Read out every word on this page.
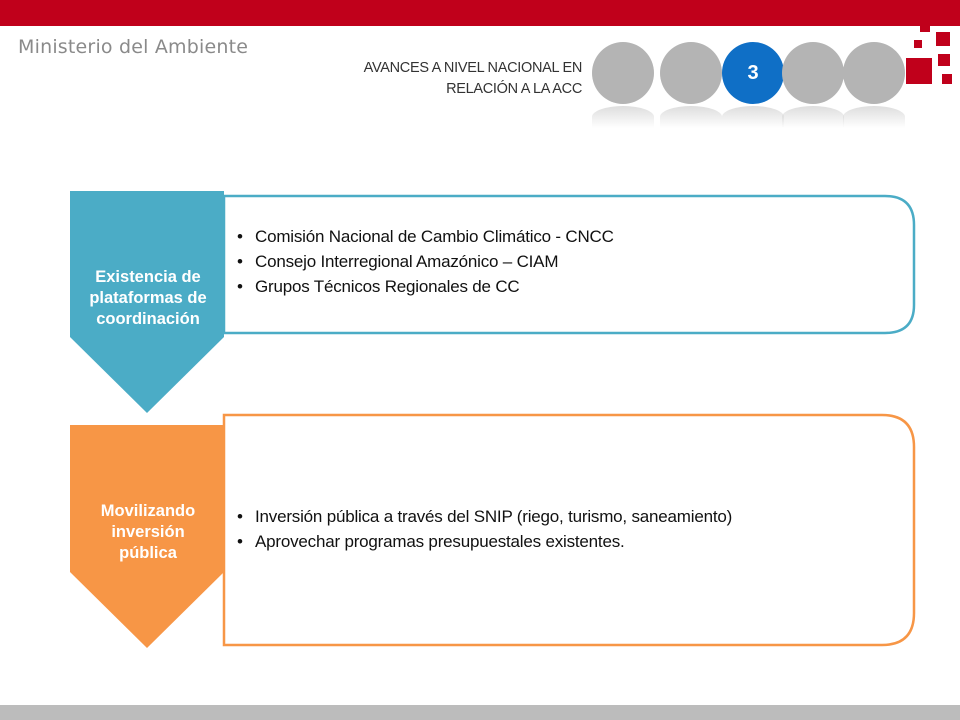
Ministerio del Ambiente
AVANCES A NIVEL NACIONAL EN
RELACIÓN A LA ACC
3
Existencia de
plataformas de
coordinación
• Comisión Nacional de Cambio Climático - CNCC
• Consejo Interregional Amazónico – CIAM
• Grupos Técnicos Regionales de CC
Movilizando
inversión
pública
• Inversión pública a través del SNIP (riego, turismo, saneamiento)
• Aprovechar programas presupuestales existentes.
